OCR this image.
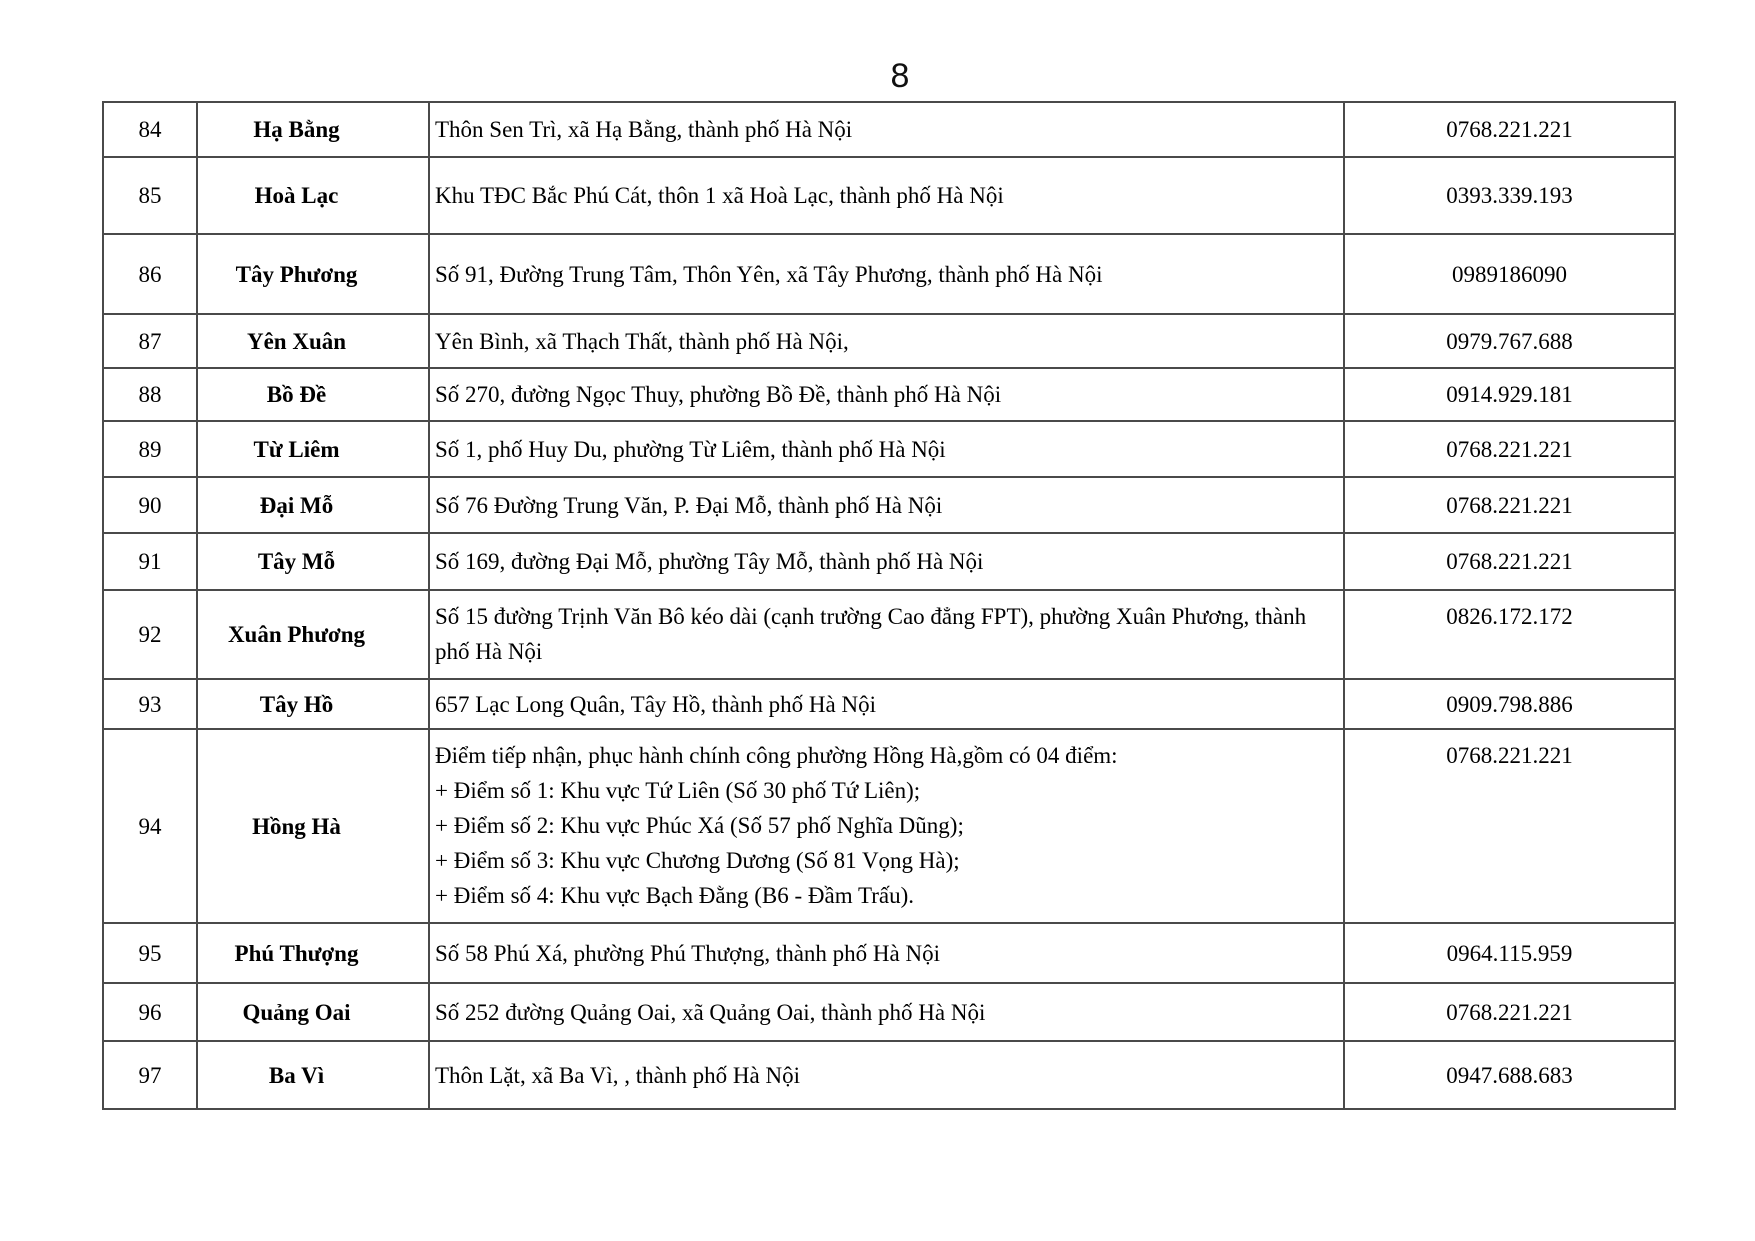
8
84	Hạ Bằng	Thôn Sen Trì, xã Hạ Bằng, thành phố Hà Nội	0768.221.221
85	Hoà Lạc	Khu TĐC Bắc Phú Cát, thôn 1 xã Hoà Lạc, thành phố Hà Nội	0393.339.193
86	Tây Phương	Số 91, Đường Trung Tâm, Thôn Yên, xã Tây Phương, thành phố Hà Nội	0989186090
87	Yên Xuân	Yên Bình, xã Thạch Thất, thành phố Hà Nội,	0979.767.688
88	Bồ Đề	Số 270, đường Ngọc Thuy, phường Bồ Đề, thành phố Hà Nội	0914.929.181
89	Từ Liêm	Số 1, phố Huy Du, phường Từ Liêm, thành phố Hà Nội	0768.221.221
90	Đại Mỗ	Số 76 Đường Trung Văn, P. Đại Mỗ, thành phố Hà Nội	0768.221.221
91	Tây Mỗ	Số 169, đường Đại Mỗ, phường Tây Mỗ, thành phố Hà Nội	0768.221.221
92	Xuân Phương	Số 15 đường Trịnh Văn Bô kéo dài (cạnh trường Cao đẳng FPT), phường Xuân Phương, thành phố Hà Nội	0826.172.172
93	Tây Hồ	657 Lạc Long Quân, Tây Hồ, thành phố Hà Nội	0909.798.886
94	Hồng Hà	Điểm tiếp nhận, phục hành chính công phường Hồng Hà,gồm có 04 điểm:
+ Điểm số 1: Khu vực Tứ Liên (Số 30 phố Tứ Liên);
+ Điểm số 2: Khu vực Phúc Xá (Số 57 phố Nghĩa Dũng);
+ Điểm số 3: Khu vực Chương Dương (Số 81 Vọng Hà);
+ Điểm số 4: Khu vực Bạch Đằng (B6 - Đầm Trấu).	0768.221.221
95	Phú Thượng	Số 58 Phú Xá, phường Phú Thượng, thành phố Hà Nội	0964.115.959
96	Quảng Oai	Số 252 đường Quảng Oai, xã Quảng Oai, thành phố Hà Nội	0768.221.221
97	Ba Vì	Thôn Lặt, xã Ba Vì, , thành phố Hà Nội	0947.688.683
